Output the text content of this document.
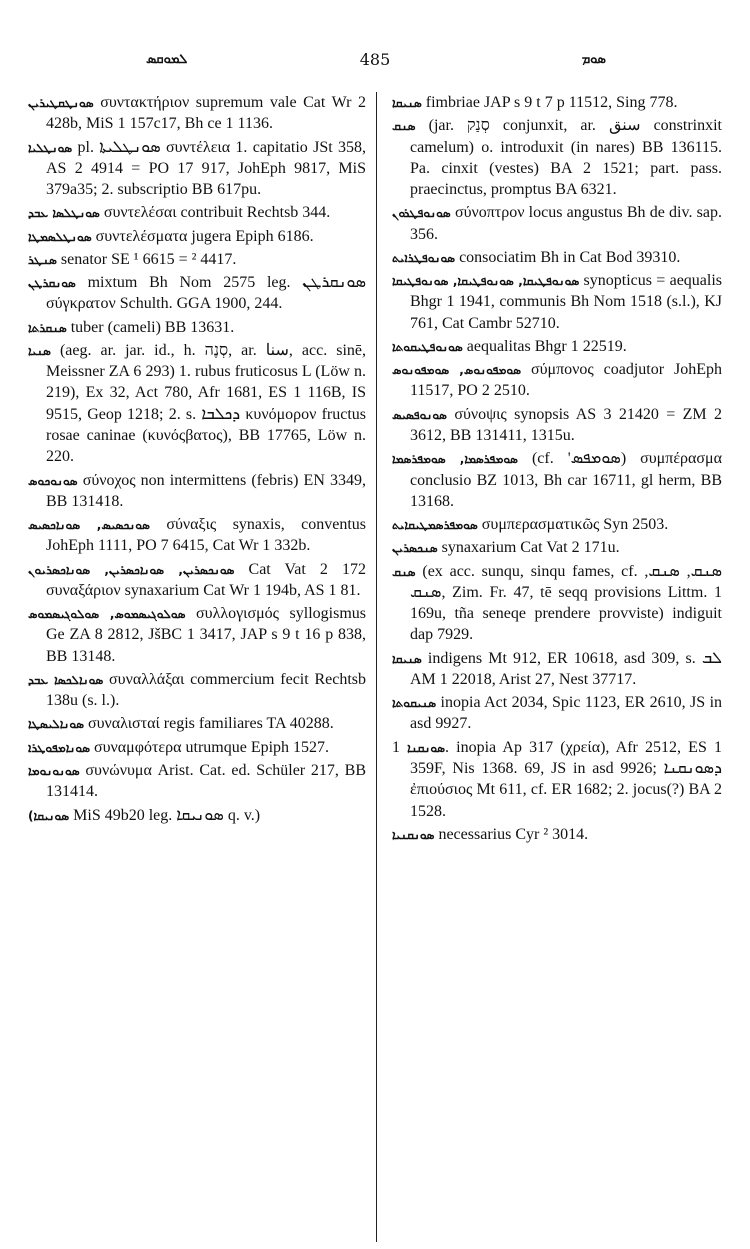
ܠܡܘܩܣ	485	ܣܘܡ

ܣܘܢܛܩܛܝܪܝܢ συντακτήριον supremum vale Cat Wr 2 428b, MiS 1 157c17, Bh ce 1 1136.

ܣܘܢܛܠܝܐ pl. ܣܘܢܛܠܝܬܐ συντέλεια 1. capitatio JSt 358, AS 2 4914 = PO 17 917, JohEph 9817, MiS 379a35; 2. subscriptio BB 617pu.

ܣܘܢܛܠܣܐ ܥܒܕ συντελέσαι contribuit Rechtsb 344.

ܣܘܢܛܠܣܡܛܐ συντελέσματα jugera Epiph 6186.

ܣܢܛܪ senator SE ¹ 6615 = ² 4417.

ܣܘܢܩܪܛܢ mixtum Bh Nom 2575 leg. ܣܘܢܩܪܛܢ σύγκρατον Schulth. GGA 1900, 244.

ܣܢܩܪܬܐ tuber (cameli) BB 13631.

ܣܢܝܐ (aeg. ar. jar. id., h. סְנֶה, ar. سنا, acc. sinē, Meissner ZA 6 293) 1. rubus fruticosus L (Löw n. 219), Ex 32, Act 780, Afr 1681, ES 1 116B, IS 9515, Geop 1218; 2. s. ܕܟܠܒܐ κυνόμορον fructus rosae caninae (κυνόςβατος), BB 17765, Löw n. 220.

ܣܘܢܘܟܘܣ σύνοχος non intermittens (febris) EN 3349, BB 131418.

ܣܘܢܟܣܝܣ, ܣܘܢܐܟܣܝܣ σύναξις synaxis, conventus JohEph 1111, PO 7 6415, Cat Wr 1 332b.

ܣܘܢܟܣܪܝܢ, ܣܘܢܐܟܣܪܝܢ, ܣܘܢܐܟܣܪܝܘܢ Cat Vat 2 172 συναξάριον synaxarium Cat Wr 1 194b, AS 1 81.

ܣܘܠܘܓܝܣܡܘܣ, ܣܘܠܘܓܝܣܡܘܣ συλλογισμός syllogismus Ge ZA 8 2812, JšBC 1 3417, JAP s 9 t 16 p 838, BB 13148.

ܣܘܢܐܠܟܣܐ ܥܒܕ συναλλάξαι commercium fecit Rechtsb 138u (s. l.).

ܣܘܢܐܠܝܣܛܐ συναλισταί regis familiares TA 40288.

ܣܘܢܐܡܦܘܛܪܐ συναμφότερα utrumque Epiph 1527.

ܣܘܢܘܢܘܡܐ συνώνυμα Arist. Cat. ed. Schüler 217, BB 131414.

(ܣܘܢܝܩܐ MiS 49b20 leg. ܣܘܢܝܩܐ q. v.)

ܣܢܝܩܐ fimbriae JAP s 9 t 7 p 11512, Sing 778.

ܣܢܩ (jar. סְנַק conjunxit, ar. سنق constrinxit camelum) o. introduxit (in nares) BB 136115. Pa. cinxit (vestes) BA 2 1521; part. pass. praecinctus, promptus BA 6321.

ܣܘܢܘܦܛܪܘܢ σύνοπτρον locus angustus Bh de div. sap. 356.

ܣܘܢܘܦܛܪܐܝܬ consociatim Bh in Cat Bod 39310.

ܣܘܢܘܦܛܝܩܐ, ܣܘܢܘܦܛܝܩܐ, ܣܘܢܘܦܛܝܩܐ synopticus = aequalis Bhgr 1 1941, communis Bh Nom 1518 (s.l.), KJ 761, Cat Cambr 52710.

ܣܘܢܘܦܛܝܩܘܬܐ aequalitas Bhgr 1 22519.

ܣܘܡܦܘܢܘܣ, ܣܘܡܦܘܢܘܣ σύμπονος coadjutor JohEph 11517, PO 2 2510.

ܣܘܢܘܦܣܝܣ σύνοψις synopsis AS 3 21420 = ZM 2 3612, BB 131411, 1315u.

ܣܘܡܦܪܣܡܐ, ܣܘܡܦܪܣܡܐ (cf. 'ܣܘܡܦܣ) συμπέρασμα conclusio BZ 1013, Bh car 16711, gl herm, BB 13168.

ܣܘܡܦܪܣܡܛܝܩܐܝܬ συμπερασματικῶς Syn 2503.

ܣܢܟܣܪܝܢ synaxarium Cat Vat 2 171u.

ܣܢܩ (ex acc. sunqu, sinqu fames, cf. ܣܢܩ, ܣܢܩ, ܣܢܩ, Zim. Fr. 47, tē seqq provisions Littm. 1 169u, tña seneqe prendere provviste) indiguit dap 7929.

ܣܢܝܩܐ indigens Mt 912, ER 10618, asd 309, s. ܠܒ AM 1 22018, Arist 27, Nest 37717.

ܣܢܝܩܘܬܐ inopia Act 2034, Spic 1123, ER 2610, JS in asd 9927.

ܣܘܢܩܢܐ 1. inopia Ap 317 (χρεία), Afr 2512, ES 1 359F, Nis 1368. 69, JS in asd 9926; ܕܣܘܢܩܢܐ ἐπιούσιος Mt 611, cf. ER 1682; 2. jocus(?) BA 2 1528.

ܣܘܢܩܢܝܐ necessarius Cyr ² 3014.
